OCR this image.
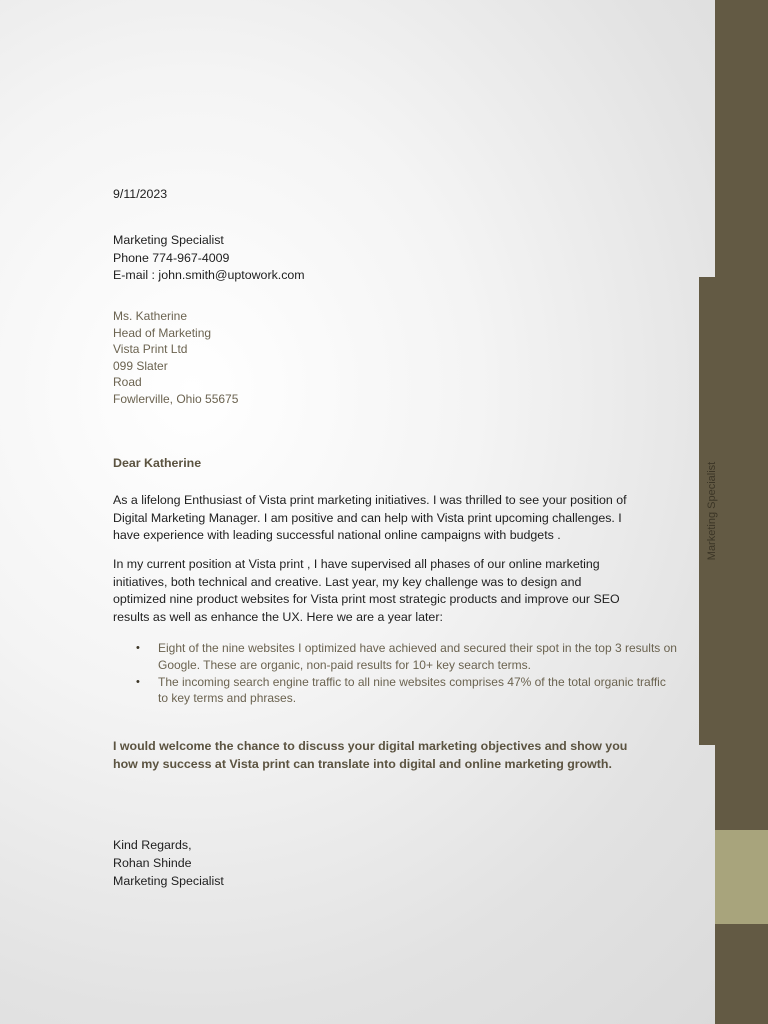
Marketing Specialist
9/11/2023
Marketing Specialist
Phone 774-967-4009
E-mail : john.smith@uptowork.com
Ms. Katherine
Head of Marketing
Vista Print Ltd
099 Slater
Road
Fowlerville, Ohio 55675
Dear Katherine
As a lifelong Enthusiast of Vista print marketing initiatives. I was thrilled to see your position of Digital Marketing Manager. I am positive and can help with Vista print upcoming challenges. I have experience with leading successful national online campaigns with budgets .
In my current position at Vista print , I have supervised all phases of our online marketing initiatives, both technical and creative. Last year, my key challenge was to design and optimized nine product websites for Vista print most strategic products and improve our SEO results as well as enhance the UX. Here we are a year later:
• Eight of the nine websites I optimized have achieved and secured their spot in the top 3 results on Google. These are organic, non-paid results for 10+ key search terms.
• The incoming search engine traffic to all nine websites comprises 47% of the total organic traffic to key terms and phrases.
I would welcome the chance to discuss your digital marketing objectives and show you how my success at Vista print can translate into digital and online marketing growth.
Kind Regards,
Rohan Shinde
Marketing Specialist
